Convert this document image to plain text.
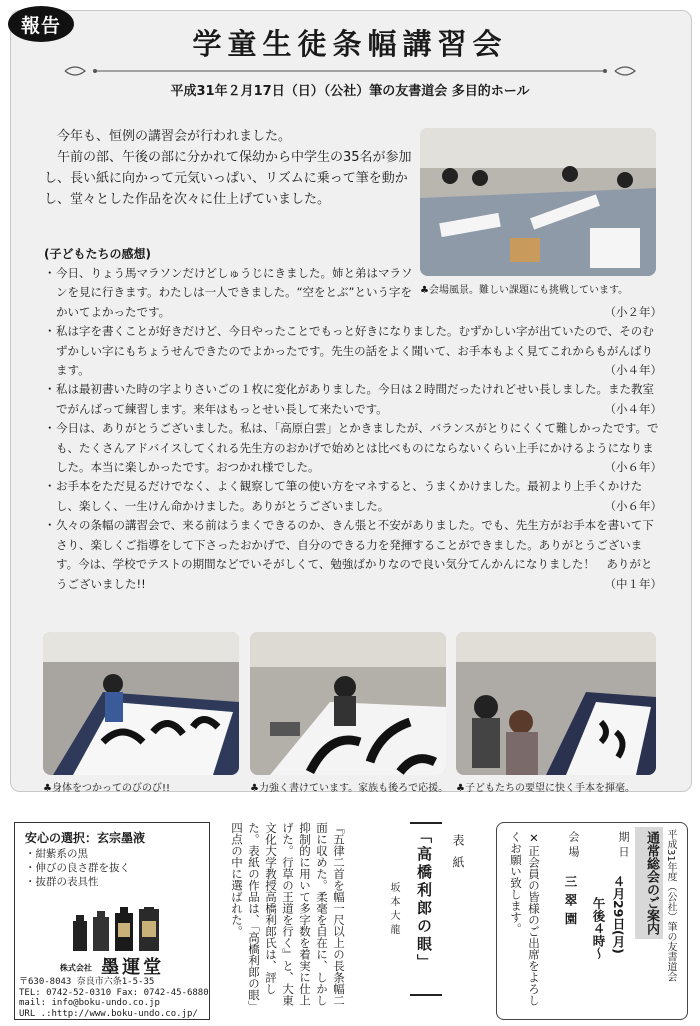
報告
学童生徒条幅講習会
平成31年２月17日（日）（公社）筆の友書道会 多目的ホール

今年も、恒例の講習会が行われました。

午前の部、午後の部に分かれて保幼から中学生の35名が参加し、長い紙に向かって元気いっぱい、リズムに乗って筆を動かし、堂々とした作品を次々に仕上げていました。

♣会場風景。難しい課題にも挑戦しています。
(子どもたちの感想)

・ 今日、りょう馬マラソンだけどしゅうじにきました。姉と弟はマラソンを見に行きます。わたしは一人できました。“空をとぶ”という字をかいてよかったです。	（小２年）

・ 私は字を書くことが好きだけど、今日やったことでもっと好きになりました。むずかしい字が出ていたので、そのむずかしい字にもちょうせんできたのでよかったです。先生の話をよく聞いて、お手本もよく見てこれからもがんばります。	（小４年）

・ 私は最初書いた時の字よりさいごの１枚に変化がありました。今日は２時間だったけれどせい長しました。また教室でがんばって練習します。来年はもっとせい長して来たいです。	（小４年）

・ 今日は、ありがとうございました。私は、「高原白雲」とかきましたが、バランスがとりにくくて難しかったです。でも、たくさんアドバイスしてくれる先生方のおかげで始めとは比べものにならないくらい上手にかけるようになりました。本当に楽しかったです。おつかれ様でした。	（小６年）

・ お手本をただ見るだけでなく、よく観察して筆の使い方をマネすると、うまくかけました。最初より上手くかけたし、楽しく、一生けん命かけました。ありがとうございました。	（小６年）

・ 久々の条幅の講習会で、来る前はうまくできるのか、きん張と不安がありました。でも、先生方がお手本を書いて下さり、楽しくご指導をして下さったおかげで、自分のできる力を発揮することができました。ありがとうございます。今は、学校でテストの期間などでいそがしくて、勉強ばかりなので良い気分てんかんになりました！　ありがとうございました!!	（中１年）

♣身体をつかってのびのび!!	♣力強く書けています。家族も後ろで応援。 ♣子どもたちの要望に快く手本を揮毫。
安心の選択：玄宗墨液
・紺紫系の黒
・伸びの良さ群を抜く
・抜群の表具性
株式会社 墨運堂
〒630-8043 奈良市六条1-5-35
TEL: 0742-52-0310 Fax: 0742-45-6880
mail: info@boku-undo.co.jp
URL .:http://www.boku-undo.co.jp/
表紙
「高橋利郎の眼」
坂本大龍
『五律二首を幅一尺以上の長条幅二面に収めた。柔毫を自在に、しかし抑制的に用いて多字数を着実に仕上げた。行草の王道を行く』と、大東文化大学教授高橋利郎氏は、評した。表紙の作品は、「高橋利郎の眼」四点の中に選ばれた。	平成31年度（公社）筆の友書道会
通常総会のご案内
期日
４月29日(月)
午後４時～
会場
三翠園
✕正会員の皆様のご出席をよろしくお願い致します。
